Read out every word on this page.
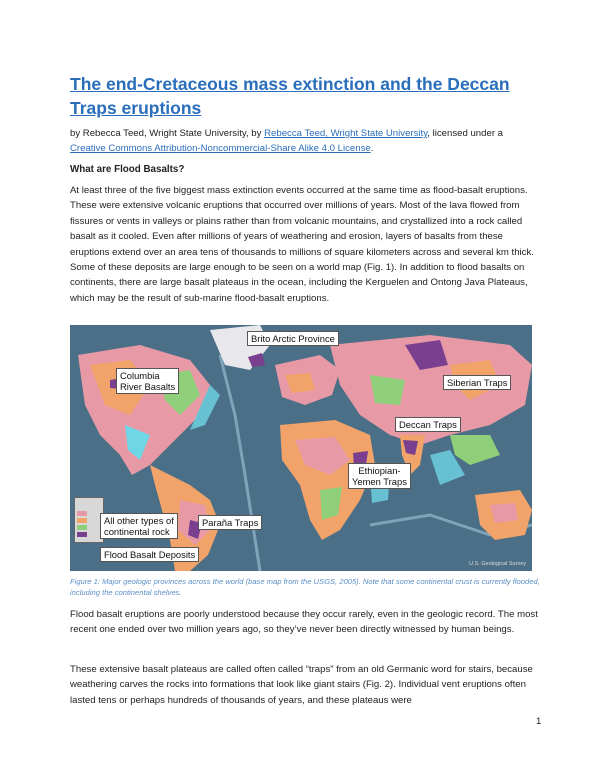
The end-Cretaceous mass extinction and the Deccan Traps eruptions
by Rebecca Teed, Wright State University, by Rebecca Teed, Wright State University, licensed under a Creative Commons Attribution-Noncommercial-Share Alike 4.0 License.
What are Flood Basalts?

At least three of the five biggest mass extinction events occurred at the same time as flood-basalt eruptions. These were extensive volcanic eruptions that occurred over millions of years. Most of the lava flowed from fissures or vents in valleys or plains rather than from volcanic mountains, and crystallized into a rock called basalt as it cooled. Even after millions of years of weathering and erosion, layers of basalts from these eruptions extend over an area tens of thousands to millions of square kilometers across and several km thick. Some of these deposits are large enough to be seen on a world map (Fig. 1). In addition to flood basalts on continents, there are large basalt plateaus in the ocean, including the Kerguelen and Ontong Java Plateaus, which may be the result of sub-marine flood-basalt eruptions.

Brito Arctic Province
Columbia
River Basalts	Siberian Traps
Deccan Traps
Ethiopian-
Yemen Traps
Paraña Traps
All other types of
continental rock
Flood Basalt Deposits
U.S. Geological Survey
Figure 1: Major geologic provinces across the world (base map from the USGS, 2005). Note that some continental crust is currently flooded, including the continental shelves.

Flood basalt eruptions are poorly understood because they occur rarely, even in the geologic record. The most recent one ended over two million years ago, so they’ve never been directly witnessed by human beings.

These extensive basalt plateaus are called often called “traps” from an old Germanic word for stairs, because weathering carves the rocks into formations that look like giant stairs (Fig. 2). Individual vent eruptions often lasted tens or perhaps hundreds of thousands of years, and these plateaus were

1
